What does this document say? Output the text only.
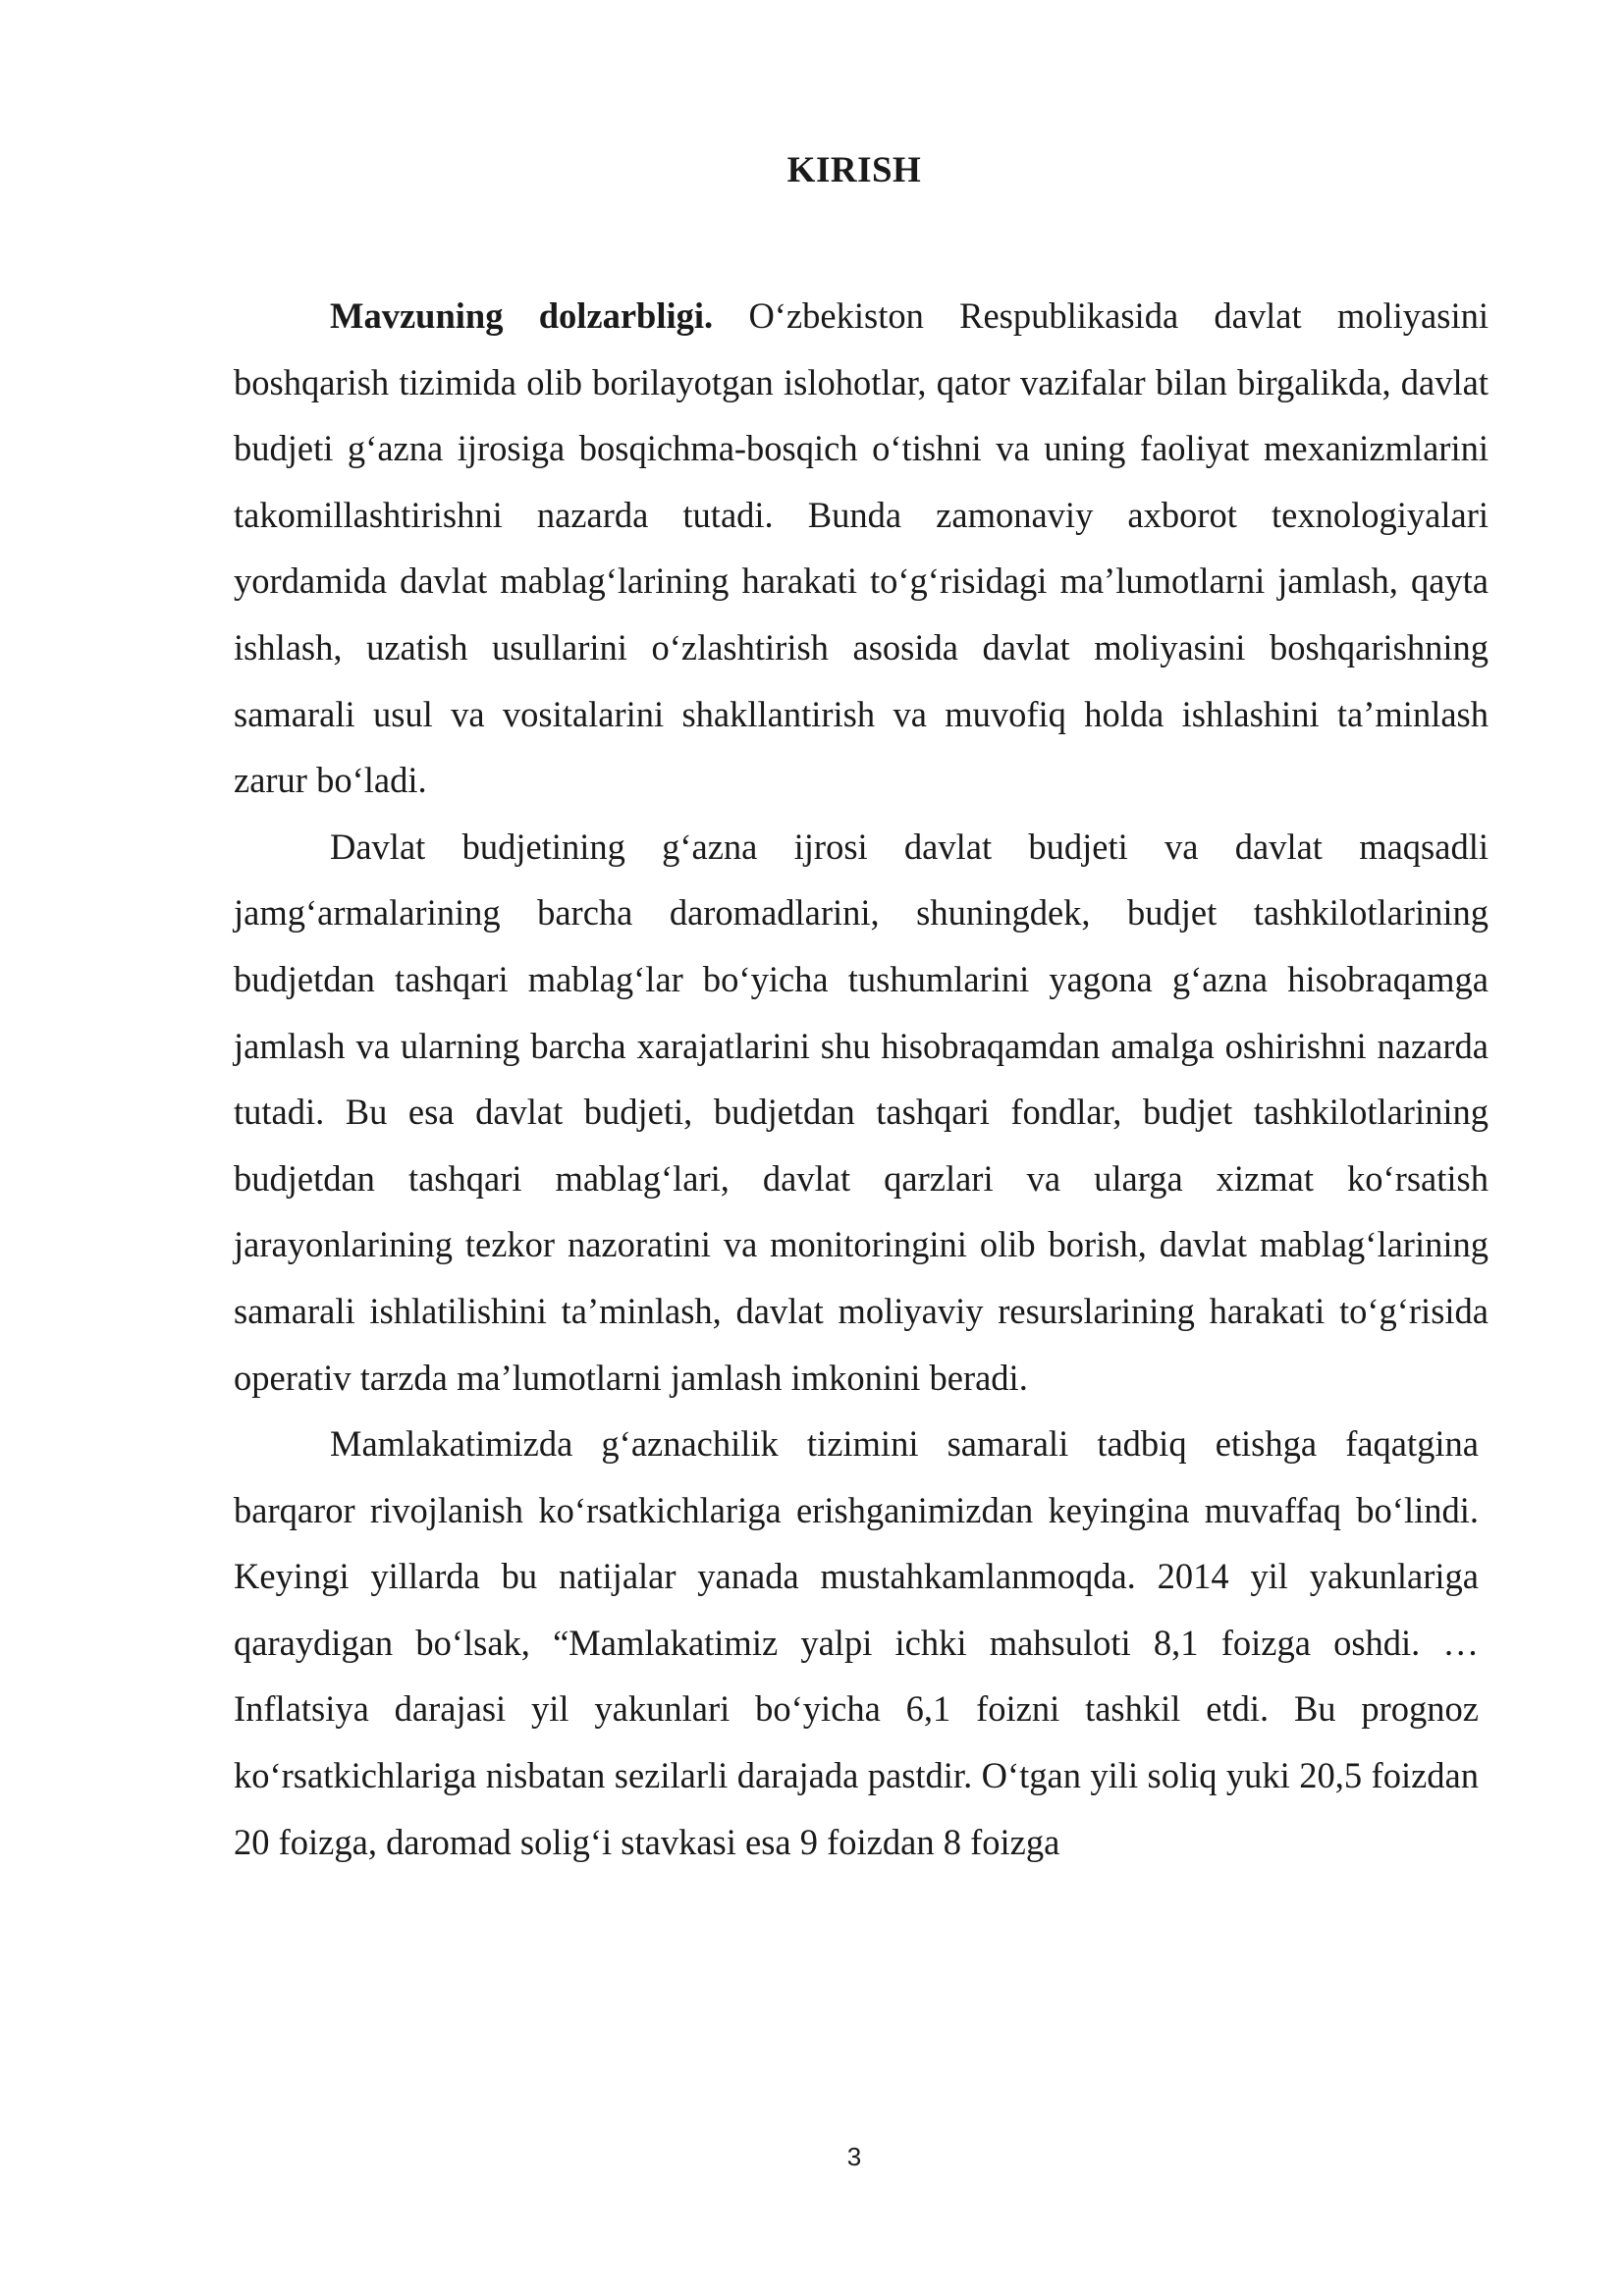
KIRISH

Mavzuning dolzarbligi. O‘zbekiston Respublikasida davlat moliyasini boshqarish tizimida olib borilayotgan islohotlar, qator vazifalar bilan birgalikda, davlat budjeti g‘azna ijrosiga bosqichma-bosqich o‘tishni va uning faoliyat mexanizmlarini takomillashtirishni nazarda tutadi. Bunda zamonaviy axborot texnologiyalari yordamida davlat mablag‘larining harakati to‘g‘risidagi ma’lumotlarni jamlash, qayta ishlash, uzatish usullarini o‘zlashtirish asosida davlat moliyasini boshqarishning samarali usul va vositalarini shakllantirish va muvofiq holda ishlashini ta’minlash zarur bo‘ladi.

Davlat budjetining g‘azna ijrosi davlat budjeti va davlat maqsadli jamg‘armalarining barcha daromadlarini, shuningdek, budjet tashkilotlarining budjetdan tashqari mablag‘lar bo‘yicha tushumlarini yagona g‘azna hisobraqamga jamlash va ularning barcha xarajatlarini shu hisobraqamdan amalga oshirishni nazarda tutadi. Bu esa davlat budjeti, budjetdan tashqari fondlar, budjet tashkilotlarining budjetdan tashqari mablag‘lari, davlat qarzlari va ularga xizmat ko‘rsatish jarayonlarining tezkor nazoratini va monitoringini olib borish, davlat mablag‘larining samarali ishlatilishini ta’minlash, davlat moliyaviy resurslarining harakati to‘g‘risida operativ tarzda ma’lumotlarni jamlash imkonini beradi.

Mamlakatimizda g‘aznachilik tizimini samarali tadbiq etishga faqatgina barqaror rivojlanish ko‘rsatkichlariga erishganimizdan keyingina muvaffaq bo‘lindi. Keyingi yillarda bu natijalar yanada mustahkamlanmoqda. 2014 yil yakunlariga qaraydigan bo‘lsak, “Mamlakatimiz yalpi ichki mahsuloti 8,1 foizga oshdi. … Inflatsiya darajasi yil yakunlari bo‘yicha 6,1 foizni tashkil etdi. Bu prognoz ko‘rsatkichlariga nisbatan sezilarli darajada pastdir. O‘tgan yili soliq yuki 20,5 foizdan 20 foizga, daromad solig‘i stavkasi esa 9 foizdan 8 foizga

3
